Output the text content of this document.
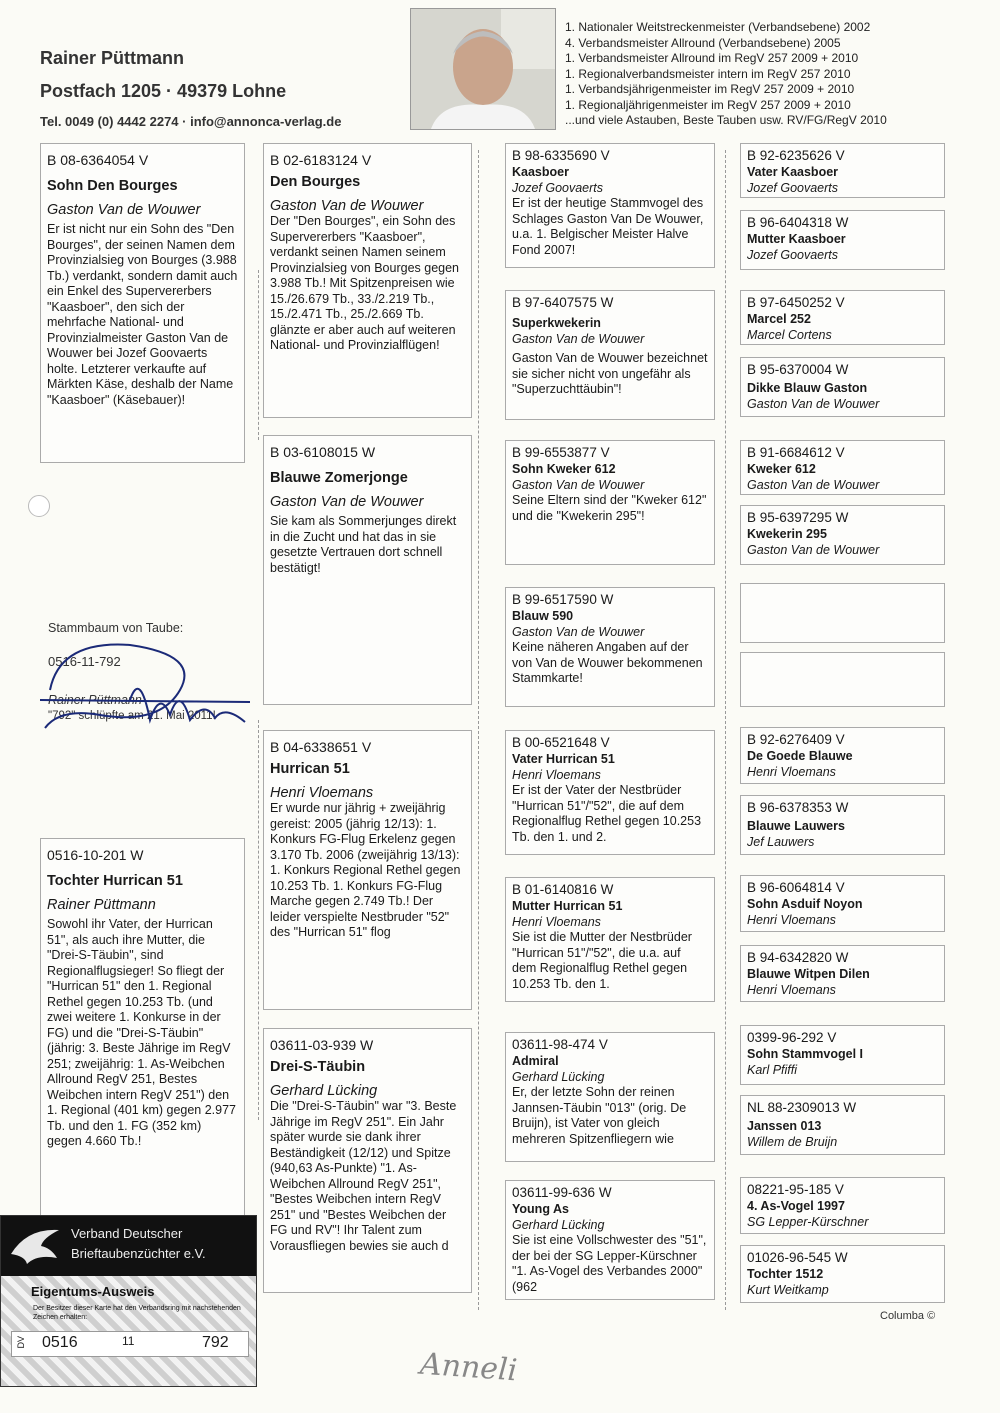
Rainer Püttmann
Postfach 1205 · 49379 Lohne
Tel. 0049 (0) 4442 2274 · info@annonca-verlag.de
1. Nationaler Weitstreckenmeister (Verbandsebene) 2002
4. Verbandsmeister Allround (Verbandsebene) 2005
1. Verbandsmeister Allround im RegV 257 2009 + 2010
1. Regionalverbandsmeister intern im RegV 257 2010
1. Verbandsjährigenmeister im RegV 257 2009 + 2010
1. Regionaljährigenmeister im RegV 257 2009 + 2010
...und viele Astauben, Beste Tauben usw. RV/FG/RegV 2010
B 08-6364054 V
Sohn Den Bourges
Gaston Van de Wouwer
Er ist nicht nur ein Sohn des "Den Bourges", der seinen Namen dem Provinzialsieg von Bourges (3.988 Tb.) verdankt, sondern damit auch ein Enkel des Supervererbers "Kaasboer", den sich der mehrfache National- und Provinzialmeister Gaston Van de Wouwer bei Jozef Goovaerts holte. Letzterer verkaufte auf Märkten Käse, deshalb der Name "Kaasboer" (Käsebauer)!
Stammbaum von Taube:
0516-11-792
Rainer Püttmann
"792" schlüpfte am 21. Mai 2011!
0516-10-201 W
Tochter Hurrican 51
Rainer Püttmann
Sowohl ihr Vater, der Hurrican 51", als auch ihre Mutter, die "Drei-S-Täubin", sind Regionalflugsieger! So fliegt der "Hurrican 51" den 1. Regional Rethel gegen 10.253 Tb. (und zwei weitere 1. Konkurse in der FG) und die "Drei-S-Täubin" (jährig: 3. Beste Jährige im RegV 251; zweijährig: 1. As-Weibchen Allround RegV 251, Bestes Weibchen intern RegV 251") den 1. Regional (401 km) gegen 2.977 Tb. und den 1. FG (352 km) gegen 4.660 Tb.!
B 02-6183124 V
Den Bourges
Gaston Van de Wouwer
Der "Den Bourges", ein Sohn des Supervererbers "Kaasboer", verdankt seinen Namen seinem Provinzialsieg von Bourges gegen 3.988 Tb.! Mit Spitzenpreisen wie 15./26.679 Tb., 33./2.219 Tb., 15./2.471 Tb., 25./2.669 Tb. glänzte er aber auch auf weiteren National- und Provinzialflügen!
B 03-6108015 W
Blauwe Zomerjonge
Gaston Van de Wouwer
Sie kam als Sommerjunges direkt in die Zucht und hat das in sie gesetzte Vertrauen dort schnell bestätigt!
B 04-6338651 V
Hurrican 51
Henri Vloemans
Er wurde nur jährig + zweijährig gereist: 2005 (jährig 12/13): 1. Konkurs FG-Flug Erkelenz gegen 3.170 Tb. 2006 (zweijährig 13/13): 1. Konkurs Regional Rethel gegen 10.253 Tb. 1. Konkurs FG-Flug Marche gegen 2.749 Tb.! Der leider verspielte Nestbruder "52" des "Hurrican 51" flog
03611-03-939 W
Drei-S-Täubin
Gerhard Lücking
Die "Drei-S-Täubin" war "3. Beste Jährige im RegV 251". Ein Jahr später wurde sie dank ihrer Beständigkeit (12/12) und Spitze (940,63 As-Punkte) "1. As-Weibchen Allround RegV 251", "Bestes Weibchen intern RegV 251" und "Bestes Weibchen der FG und RV"! Ihr Talent zum Vorausfliegen bewies sie auch d
B 98-6335690 V
Kaasboer
Jozef Goovaerts
Er ist der heutige Stammvogel des Schlages Gaston Van De Wouwer, u.a. 1. Belgischer Meister Halve Fond 2007!
B 97-6407575 W
Superkwekerin
Gaston Van de Wouwer
Gaston Van de Wouwer bezeichnet sie sicher nicht von ungefähr als "Superzuchttäubin"!
B 99-6553877 V
Sohn Kweker 612
Gaston Van de Wouwer
Seine Eltern sind der "Kweker 612" und die "Kwekerin 295"!
B 99-6517590 W
Blauw 590
Gaston Van de Wouwer
Keine näheren Angaben auf der von Van de Wouwer bekommenen Stammkarte!
B 00-6521648 V
Vater Hurrican 51
Henri Vloemans
Er ist der Vater der Nestbrüder "Hurrican 51"/"52", die auf dem Regionalflug Rethel gegen 10.253 Tb. den 1. und 2.
B 01-6140816 W
Mutter Hurrican 51
Henri Vloemans
Sie ist die Mutter der Nestbrüder "Hurrican 51"/"52", die u.a. auf dem Regionalflug Rethel gegen 10.253 Tb. den 1.
03611-98-474 V
Admiral
Gerhard Lücking
Er, der letzte Sohn der reinen Jannsen-Täubin "013" (orig. De Bruijn), ist Vater von gleich mehreren Spitzenfliegern wie
03611-99-636 W
Young As
Gerhard Lücking
Sie ist eine Vollschwester des "51", der bei der SG Lepper-Kürschner "1. As-Vogel des Verbandes 2000" (962
B 92-6235626 V
Vater Kaasboer
Jozef Goovaerts
B 96-6404318 W
Mutter Kaasboer
Jozef Goovaerts
B 97-6450252 V
Marcel 252
Marcel Cortens
B 95-6370004 W
Dikke Blauw Gaston
Gaston Van de Wouwer
B 91-6684612 V
Kweker 612
Gaston Van de Wouwer
B 95-6397295 W
Kwekerin 295
Gaston Van de Wouwer
B 92-6276409 V
De Goede Blauwe
Henri Vloemans
B 96-6378353 W
Blauwe Lauwers
Jef Lauwers
B 96-6064814 V
Sohn Asduif Noyon
Henri Vloemans
B 94-6342820 W
Blauwe Witpen Dilen
Henri Vloemans
0399-96-292 V
Sohn Stammvogel I
Karl Pfiffi
NL 88-2309013 W
Janssen 013
Willem de Bruijn
08221-95-185 V
4. As-Vogel 1997
SG Lepper-Kürschner
01026-96-545 W
Tochter 1512
Kurt Weitkamp
Verband Deutscher
Brieftaubenzüchter e.V.
Eigentums-Ausweis
Der Besitzer dieser Karte hat den Verbandsring mit nachstehenden Zeichen erhalten:
DV 0516	11	792
Columba ©
Anneli
